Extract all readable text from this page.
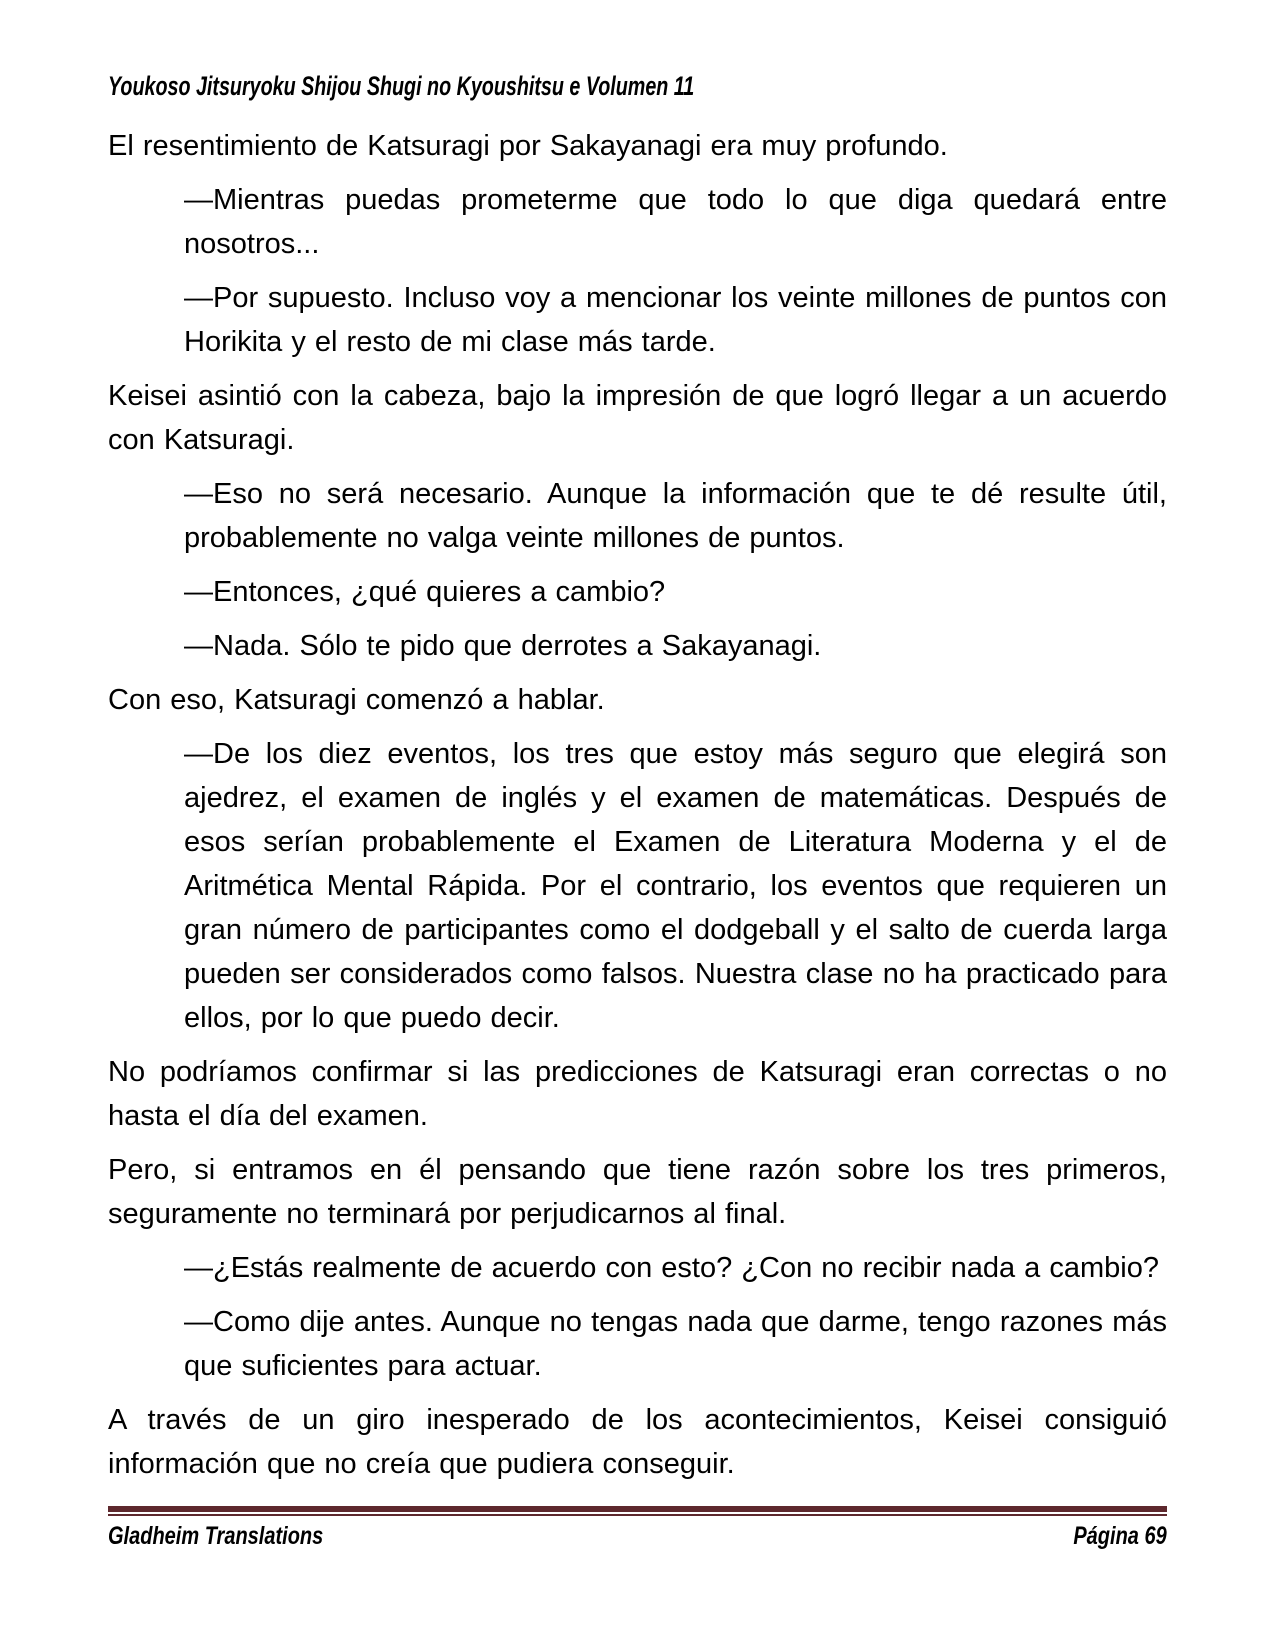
Youkoso Jitsuryoku Shijou Shugi no Kyoushitsu e Volumen 11

El resentimiento de Katsuragi por Sakayanagi era muy profundo.

—Mientras puedas prometerme que todo lo que diga quedará entre nosotros...

—Por supuesto. Incluso voy a mencionar los veinte millones de puntos con Horikita y el resto de mi clase más tarde.

Keisei asintió con la cabeza, bajo la impresión de que logró llegar a un acuerdo con Katsuragi.

—Eso no será necesario. Aunque la información que te dé resulte útil, probablemente no valga veinte millones de puntos.

—Entonces, ¿qué quieres a cambio?

—Nada. Sólo te pido que derrotes a Sakayanagi.

Con eso, Katsuragi comenzó a hablar.

—De los diez eventos, los tres que estoy más seguro que elegirá son ajedrez, el examen de inglés y el examen de matemáticas. Después de esos serían probablemente el Examen de Literatura Moderna y el de Aritmética Mental Rápida. Por el contrario, los eventos que requieren un gran número de participantes como el dodgeball y el salto de cuerda larga pueden ser considerados como falsos. Nuestra clase no ha practicado para ellos, por lo que puedo decir.

No podríamos confirmar si las predicciones de Katsuragi eran correctas o no hasta el día del examen.

Pero, si entramos en él pensando que tiene razón sobre los tres primeros, seguramente no terminará por perjudicarnos al final.

—¿Estás realmente de acuerdo con esto? ¿Con no recibir nada a cambio?

—Como dije antes. Aunque no tengas nada que darme, tengo razones más que suficientes para actuar.

A través de un giro inesperado de los acontecimientos, Keisei consiguió información que no creía que pudiera conseguir.

Gladheim Translations	Página 69
